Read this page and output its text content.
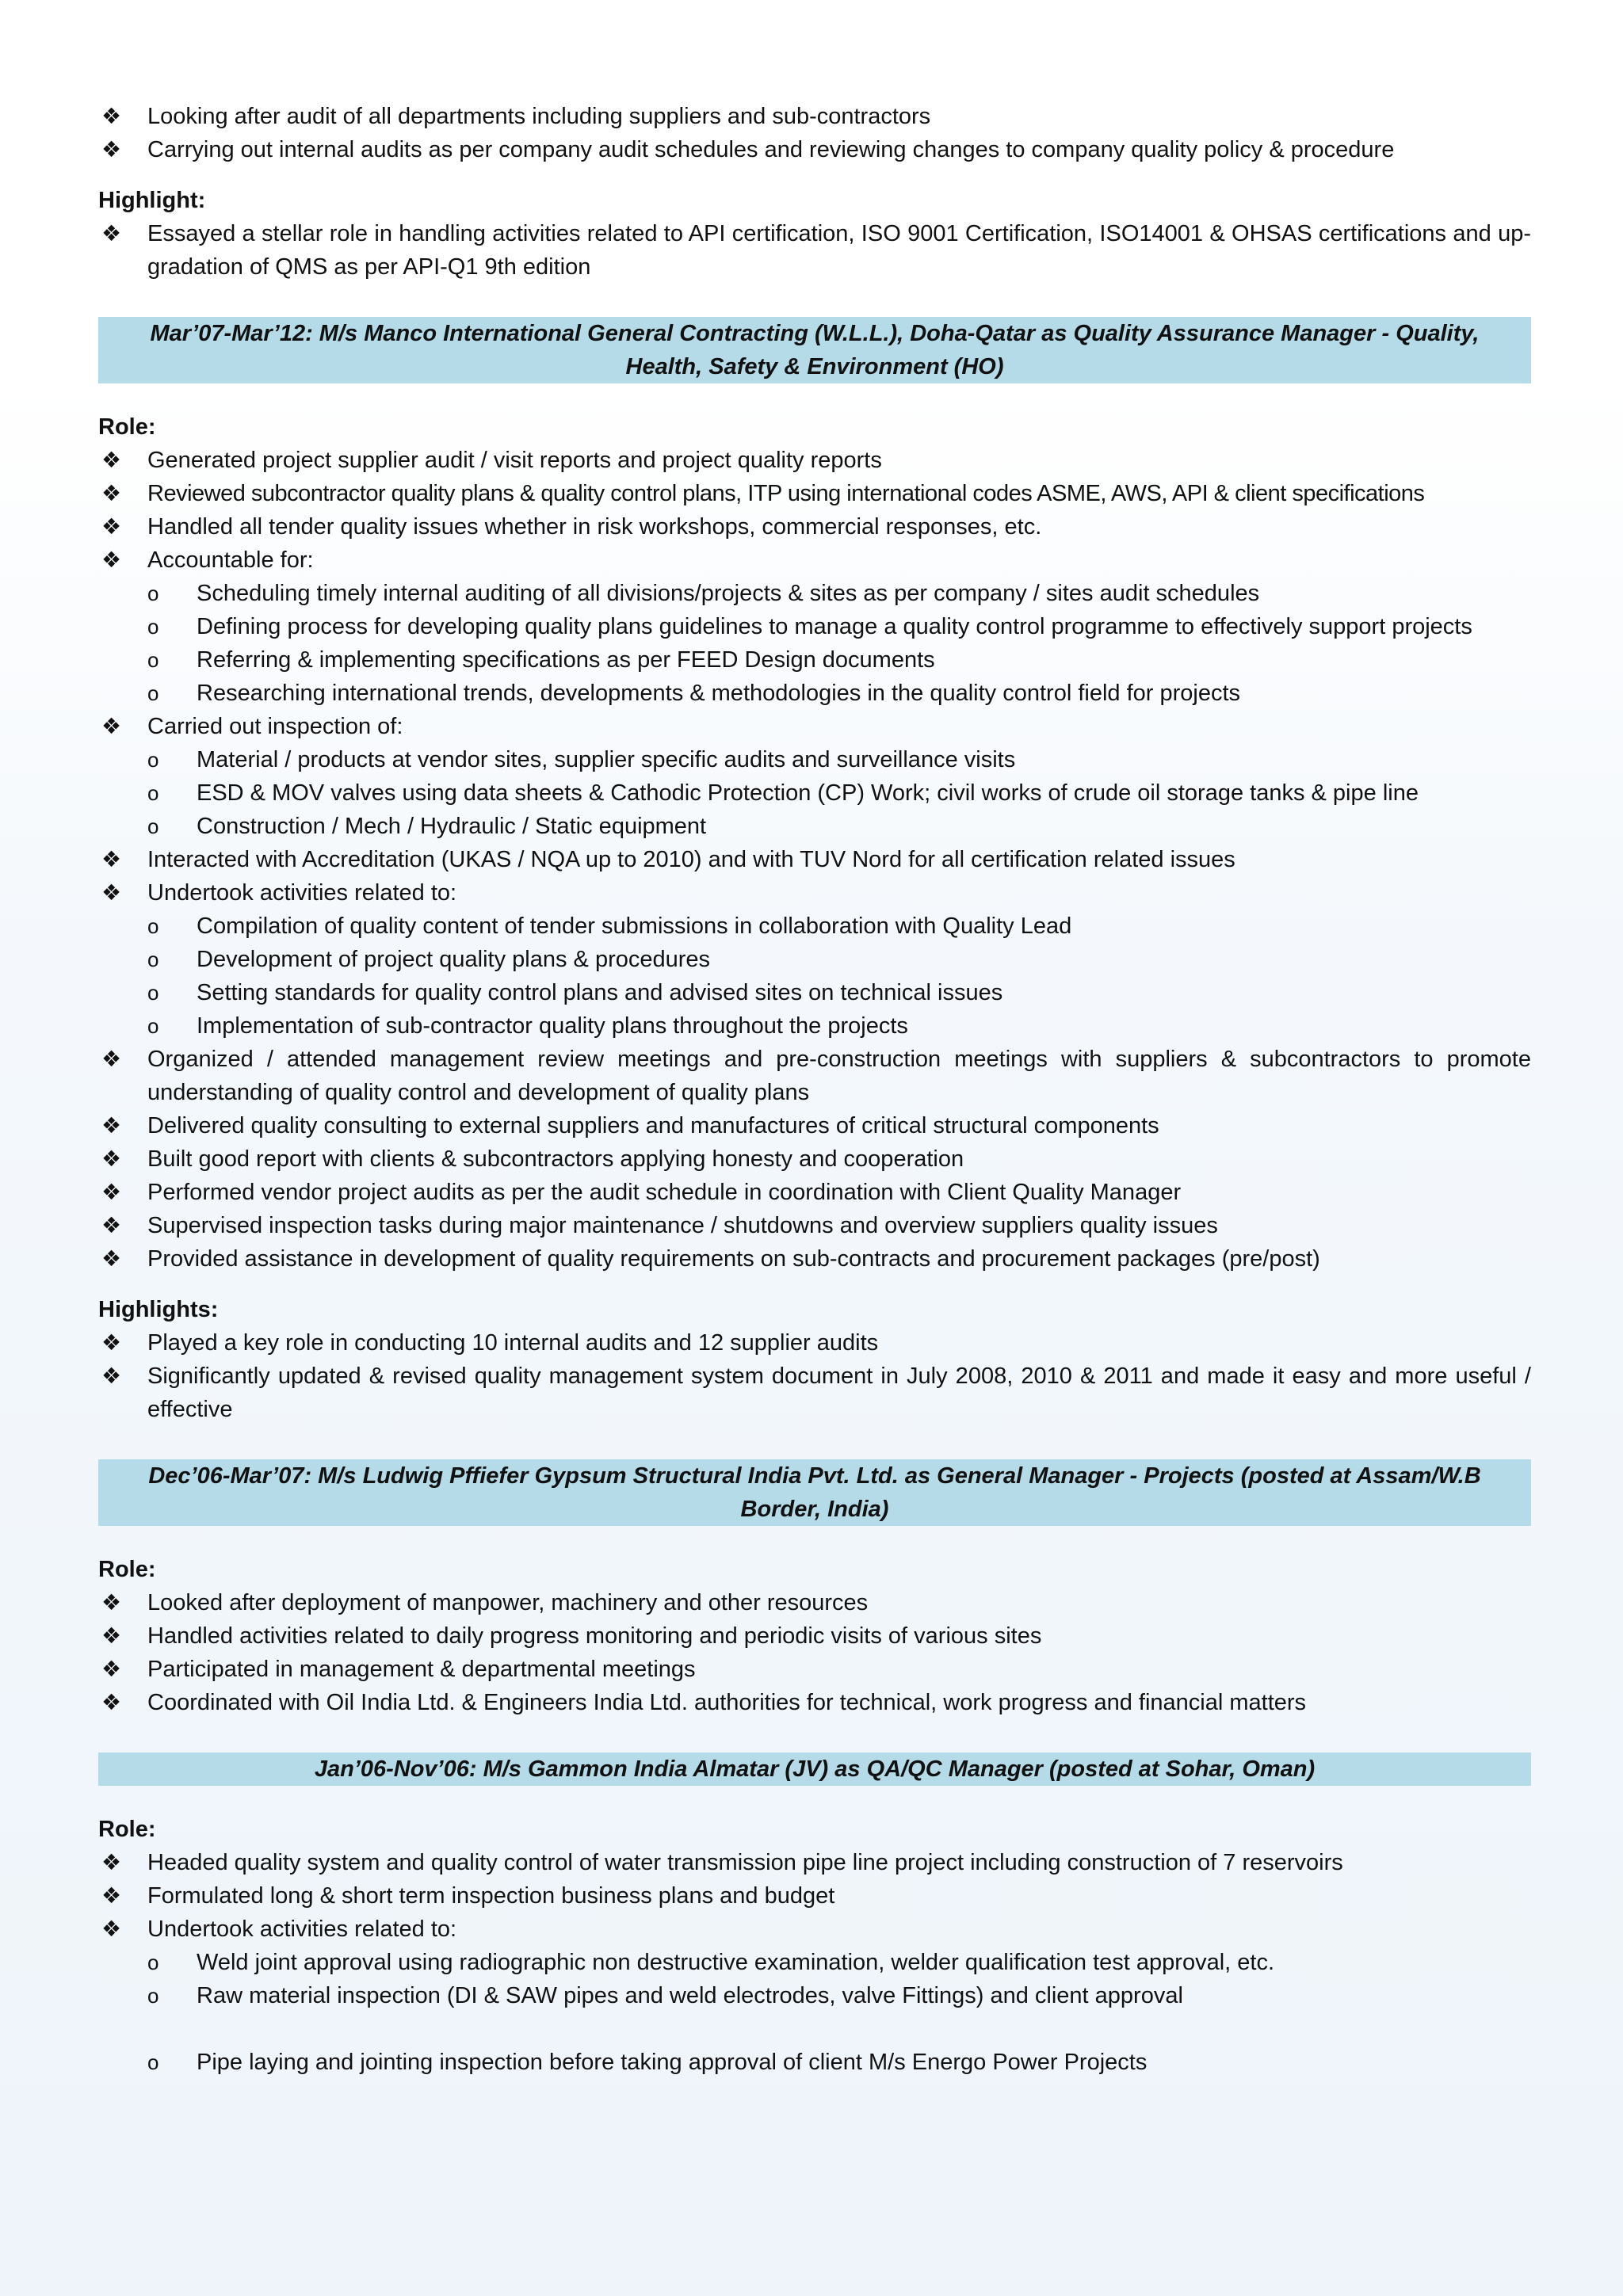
❖	Looking after audit of all departments including suppliers and sub-contractors
❖	Carrying out internal audits as per company audit schedules and reviewing changes to company quality policy & procedure

Highlight:

❖	Essayed a stellar role in handling activities related to API certification, ISO 9001 Certification, ISO14001 & OHSAS certifications and up-gradation of QMS as per API-Q1 9th edition
Mar’07-Mar’12: M/s Manco International General Contracting (W.L.L.), Doha-Qatar as Quality Assurance Manager - Quality, Health, Safety & Environment (HO)

Role:

❖	Generated project supplier audit / visit reports and project quality reports
❖	Reviewed subcontractor quality plans & quality control plans, ITP using international codes ASME, AWS, API & client specifications
❖	Handled all tender quality issues whether in risk workshops, commercial responses, etc.
❖	Accountable for:
o Scheduling timely internal auditing of all divisions/projects & sites as per company / sites audit schedules
o Defining process for developing quality plans guidelines to manage a quality control programme to effectively support projects
o Referring & implementing specifications as per FEED Design documents
o Researching international trends, developments & methodologies in the quality control field for projects
❖	Carried out inspection of:
o Material / products at vendor sites, supplier specific audits and surveillance visits
o ESD & MOV valves using data sheets & Cathodic Protection (CP) Work; civil works of crude oil storage tanks & pipe line
o Construction / Mech / Hydraulic / Static equipment
❖	Interacted with Accreditation (UKAS / NQA up to 2010) and with TUV Nord for all certification related issues
❖	Undertook activities related to:
o Compilation of quality content of tender submissions in collaboration with Quality Lead
o Development of project quality plans & procedures
o Setting standards for quality control plans and advised sites on technical issues
o Implementation of sub-contractor quality plans throughout the projects
❖	Organized / attended management review meetings and pre-construction meetings with suppliers & subcontractors to promote understanding of quality control and development of quality plans
❖	Delivered quality consulting to external suppliers and manufactures of critical structural components
❖	Built good report with clients & subcontractors applying honesty and cooperation
❖	Performed vendor project audits as per the audit schedule in coordination with Client Quality Manager
❖	Supervised inspection tasks during major maintenance / shutdowns and overview suppliers quality issues
❖	Provided assistance in development of quality requirements on sub-contracts and procurement packages (pre/post)

Highlights:

❖	Played a key role in conducting 10 internal audits and 12 supplier audits
❖	Significantly updated & revised quality management system document in July 2008, 2010 & 2011 and made it easy and more useful / effective
Dec’06-Mar’07: M/s Ludwig Pffiefer Gypsum Structural India Pvt. Ltd. as General Manager - Projects (posted at Assam/W.B Border, India)

Role:

❖	Looked after deployment of manpower, machinery and other resources
❖	Handled activities related to daily progress monitoring and periodic visits of various sites
❖	Participated in management & departmental meetings
❖	Coordinated with Oil India Ltd. & Engineers India Ltd. authorities for technical, work progress and financial matters
Jan’06-Nov’06: M/s Gammon India Almatar (JV) as QA/QC Manager (posted at Sohar, Oman)

Role:

❖	Headed quality system and quality control of water transmission pipe line project including construction of 7 reservoirs
❖	Formulated long & short term inspection business plans and budget
❖	Undertook activities related to:
o Weld joint approval using radiographic non destructive examination, welder qualification test approval, etc.
o Raw material inspection (DI & SAW pipes and weld electrodes, valve Fittings) and client approval
o Pipe laying and jointing inspection before taking approval of client M/s Energo Power Projects
